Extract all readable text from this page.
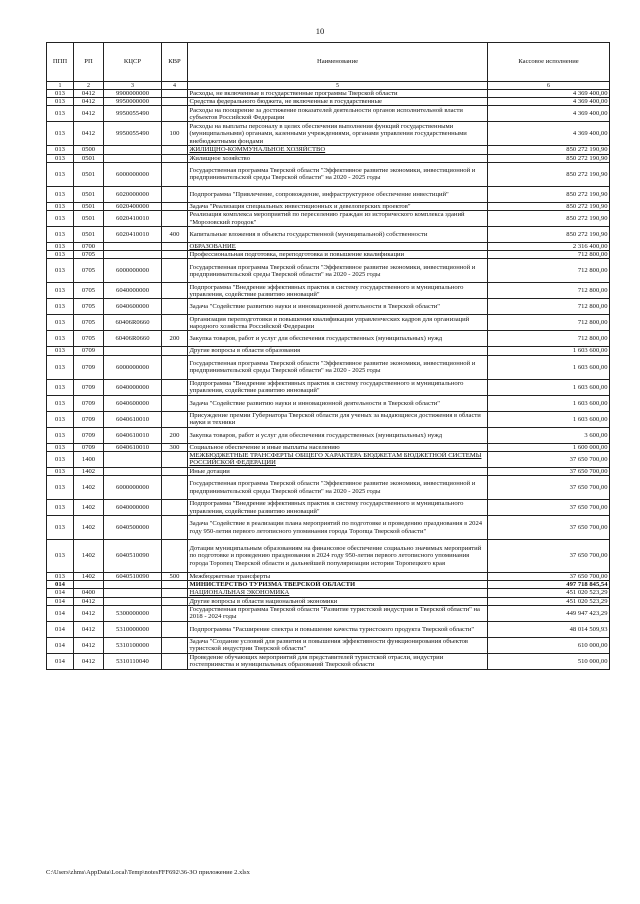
10
ППП	РП	КЦСР	КВР	Наименование	Кассовое исполнение
1	2	3	4	5	6
013	0412	9900000000		Расходы, не включенные в государственные программы Тверской области	4 369 400,00
013	0412	9950000000		Средства федерального бюджета, не включенные в государственные	4 369 400,00
013	0412	9950055490		Расходы на поощрение за достижение показателей деятельности органов исполнительной власти субъектов Российской Федерации	4 369 400,00
013	0412	9950055490	100	Расходы на выплаты персоналу в целях обеспечения выполнения функций государственными (муниципальными) органами, казенными учреждениями, органами управления государственными внебюджетными фондами	4 369 400,00
013	0500			ЖИЛИЩНО-КОММУНАЛЬНОЕ ХОЗЯЙСТВО	850 272 190,90
013	0501			Жилищное хозяйство	850 272 190,90
013	0501	6000000000		Государственная программа Тверской области "Эффективное развитие экономики, инвестиционной и предпринимательской среды Тверской области" на 2020 - 2025 годы	850 272 190,90
013	0501	6020000000		Подпрограмма "Привлечение, сопровождение, инфраструктурное обеспечение инвестиций"	850 272 190,90
013	0501	6020400000		Задача "Реализация специальных инвестиционных и девелоперских проектов"	850 272 190,90
013	0501	6020410010		Реализация комплекса мероприятий по переселению граждан из исторического комплекса зданий "Морозовский городок"	850 272 190,90
013	0501	6020410010	400	Капитальные вложения в объекты государственной (муниципальной) собственности	850 272 190,90
013	0700			ОБРАЗОВАНИЕ	2 316 400,00
013	0705			Профессиональная подготовка, переподготовка и повышение квалификации	712 800,00
013	0705	6000000000		Государственная программа Тверской области "Эффективное развитие экономики, инвестиционной и предпринимательской среды Тверской области" на 2020 - 2025 годы	712 800,00
013	0705	6040000000		Подпрограмма "Внедрение эффективных практик в систему государственного и муниципального управления, содействие развитию инноваций"	712 800,00
013	0705	6040600000		Задача "Содействие развитию науки и инновационной деятельности в Тверской области"	712 800,00
013	0705	60406R0660		Организация переподготовки и повышения квалификации управленческих кадров для организаций народного хозяйства Российской Федерации	712 800,00
013	0705	60406R0660	200	Закупка товаров, работ и услуг для обеспечения государственных (муниципальных) нужд	712 800,00
013	0709			Другие вопросы в области образования	1 603 600,00
013	0709	6000000000		Государственная программа Тверской области "Эффективное развитие экономики, инвестиционной и предпринимательской среды Тверской области" на 2020 - 2025 годы	1 603 600,00
013	0709	6040000000		Подпрограмма "Внедрение эффективных практик в систему государственного и муниципального управления, содействие развитию инноваций"	1 603 600,00
013	0709	6040600000		Задача "Содействие развитию науки и инновационной деятельности в Тверской области"	1 603 600,00
013	0709	6040610010		Присуждение премии Губернатора Тверской области для ученых за выдающиеся достижения в области науки и техники	1 603 600,00
013	0709	6040610010	200	Закупка товаров, работ и услуг для обеспечения государственных (муниципальных) нужд	3 600,00
013	0709	6040610010	300	Социальное обеспечение и иные выплаты населению	1 600 000,00
013	1400			МЕЖБЮДЖЕТНЫЕ ТРАНСФЕРТЫ ОБЩЕГО ХАРАКТЕРА БЮДЖЕТАМ БЮДЖЕТНОЙ СИСТЕМЫ РОССИЙСКОЙ ФЕДЕРАЦИИ	37 650 700,00
013	1402			Иные дотации	37 650 700,00
013	1402	6000000000		Государственная программа Тверской области "Эффективное развитие экономики, инвестиционной и предпринимательской среды Тверской области" на 2020 - 2025 годы	37 650 700,00
013	1402	6040000000		Подпрограмма "Внедрение эффективных практик в систему государственного и муниципального управления, содействие развитию инноваций"	37 650 700,00
013	1402	6040500000		Задача "Содействие в реализации плана мероприятий по подготовке и проведению празднования в 2024 году 950-летия первого летописного упоминания города Торопца Тверской области"	37 650 700,00
013	1402	6040510090		Дотации муниципальным образованиям на финансовое обеспечение социально значимых мероприятий по подготовке и проведению празднования в 2024 году 950-летия первого летописного упоминания города Торопец Тверской области и дальнейшей популяризации истории Торопецкого края	37 650 700,00
013	1402	6040510090	500	Межбюджетные трансферты	37 650 700,00
014				МИНИСТЕРСТВО ТУРИЗМА ТВЕРСКОЙ ОБЛАСТИ	497 718 845,54
014	0400			НАЦИОНАЛЬНАЯ ЭКОНОМИКА	451 020 523,29
014	0412			Другие вопросы в области национальной экономики	451 020 523,29
014	0412	5300000000		Государственная программа Тверской области "Развитие туристской индустрии в Тверской области" на 2018 - 2024 годы	449 947 423,29
014	0412	5310000000		Подпрограмма "Расширение спектра и повышение качества туристского продукта Тверской области"	48 014 509,93
014	0412	5310100000		Задача "Создание условий для развития и повышения эффективности функционирования объектов туристской индустрии Тверской области"	610 000,00
014	0412	5310110040		Проведение обучающих мероприятий для представителей туристской отрасли, индустрии гостеприимства и муниципальных образований Тверской области	510 000,00
C:\Users\zhms\AppData\Local\Temp\notesFFF692\36-ЗО приложение 2.xlsx
